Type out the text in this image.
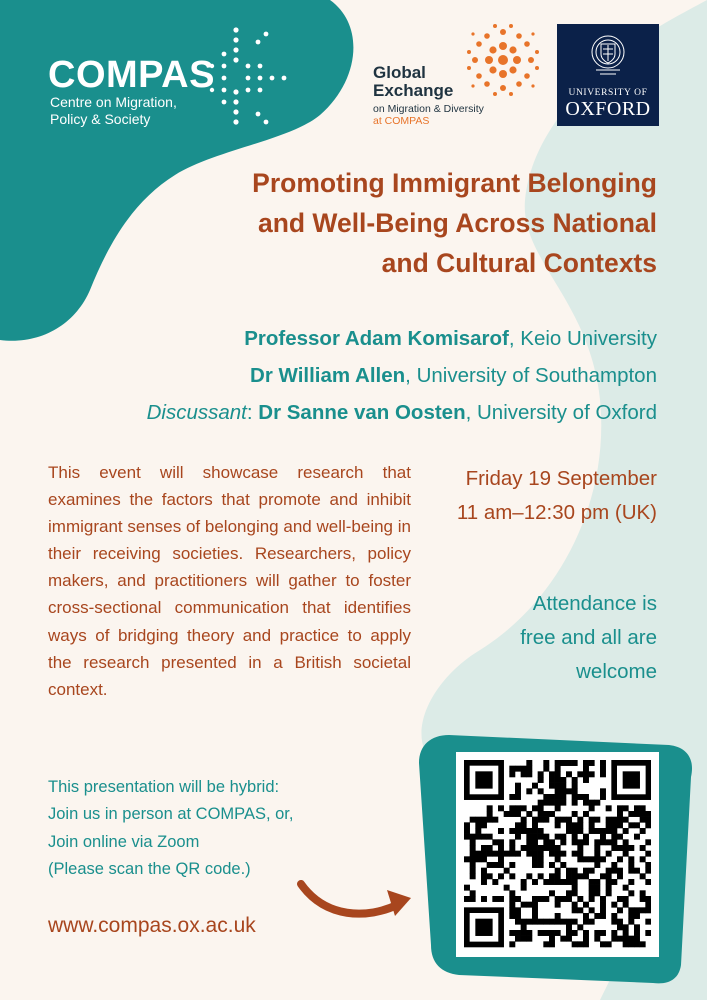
COMPAS
Centre on Migration,
Policy & Society
Global
Exchange
on Migration & Diversity
at COMPAS
UNIVERSITY OF
OXFORD
Promoting Immigrant Belonging
and Well-Being Across National
and Cultural Contexts
Professor Adam Komisarof, Keio University
Dr William Allen, University of Southampton
Discussant: Dr Sanne van Oosten, University of Oxford
This event will showcase research that examines the factors that promote and inhibit immigrant senses of belonging and well-being in their receiving societies. Researchers, policy makers, and practitioners will gather to foster cross-sectional communication that identifies ways of bridging theory and practice to apply the research presented in a British societal context.
Friday 19 September
11 am–12:30 pm (UK)
Attendance is
free and all are
welcome
This presentation will be hybrid:
Join us in person at COMPAS, or,
Join online via Zoom
(Please scan the QR code.)
www.compas.ox.ac.uk
